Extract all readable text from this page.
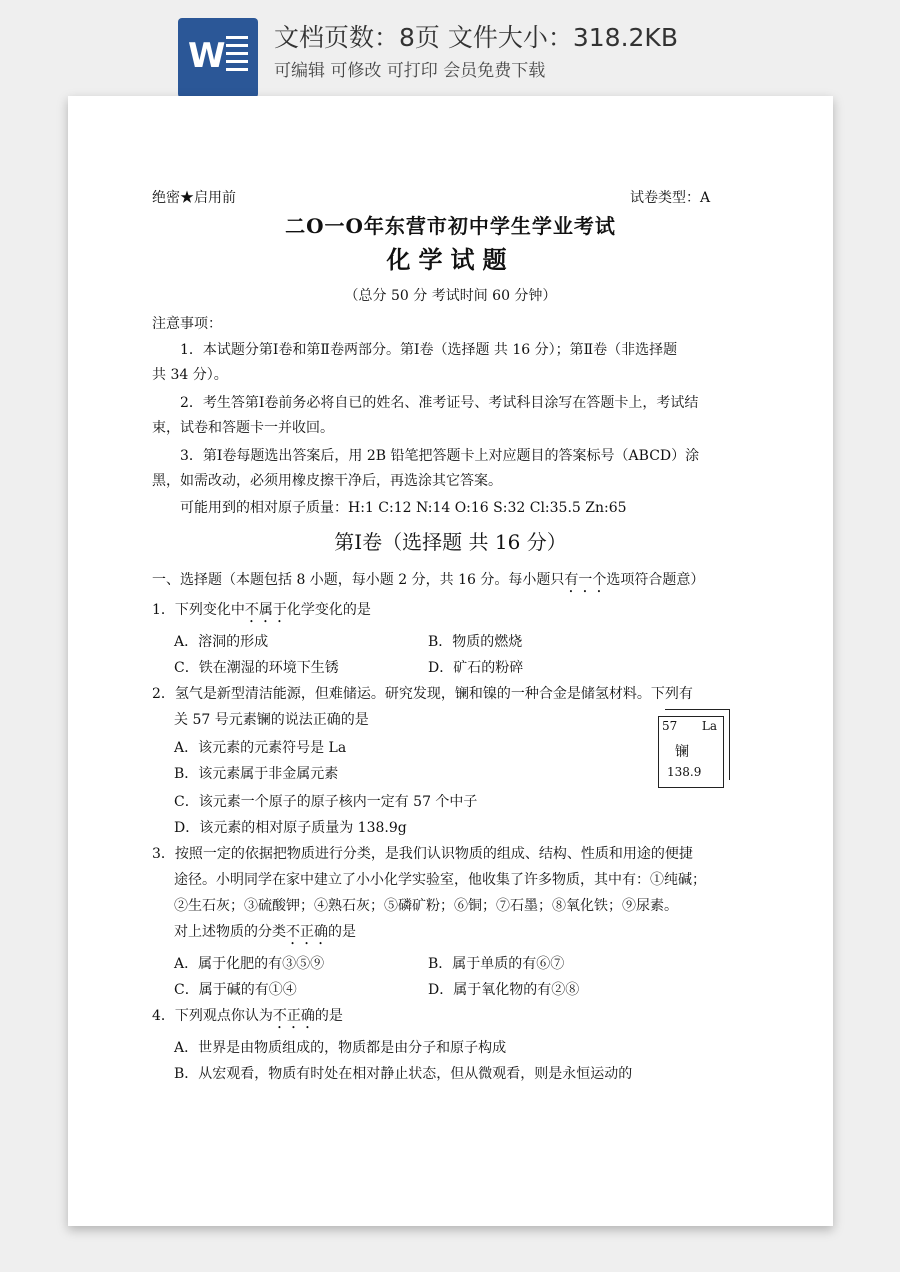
W 文档页数：8页 文件大小：318.2KB
可编辑 可修改 可打印 会员免费下载
绝密★启用前	试卷类型：A
二O一O年东营市初中学生学业考试
化学试题
（总分 50 分 考试时间 60 分钟）
注意事项：
1．本试题分第Ⅰ卷和第Ⅱ卷两部分。第Ⅰ卷（选择题 共 16 分）；第Ⅱ卷（非选择题
共 34 分）。
2．考生答第Ⅰ卷前务必将自已的姓名、准考证号、考试科目涂写在答题卡上，考试结
束，试卷和答题卡一并收回。
3．第Ⅰ卷每题选出答案后，用 2B 铅笔把答题卡上对应题目的答案标号（ABCD）涂
黑，如需改动，必须用橡皮擦干净后，再选涂其它答案。
可能用到的相对原子质量：H:1 C:12 N:14 O:16 S:32 Cl:35.5 Zn:65
第Ⅰ卷（选择题 共 16 分）
一、选择题（本题包括 8 小题，每小题 2 分，共 16 分。每小题只有一个选项符合题意）
1．下列变化中不属于化学变化的是
A．溶洞的形成	B．物质的燃烧
C．铁在潮湿的环境下生锈	D．矿石的粉碎
2．氢气是新型清洁能源，但难储运。研究发现，镧和镍的一种合金是储氢材料。下列有
关 57 号元素镧的说法正确的是
A．该元素的元素符号是 La
B．该元素属于非金属元素
C．该元素一个原子的原子核内一定有 57 个中子
D．该元素的相对原子质量为 138.9g
57 La
镧
138.9
3．按照一定的依据把物质进行分类，是我们认识物质的组成、结构、性质和用途的便捷
途径。小明同学在家中建立了小小化学实验室，他收集了许多物质，其中有：①纯碱；
②生石灰；③硫酸钾；④熟石灰；⑤磷矿粉；⑥铜；⑦石墨；⑧氧化铁；⑨尿素。
对上述物质的分类不正确的是
A．属于化肥的有③⑤⑨	B．属于单质的有⑥⑦
C．属于碱的有①④	D．属于氧化物的有②⑧
4．下列观点你认为不正确的是
A．世界是由物质组成的，物质都是由分子和原子构成
B．从宏观看，物质有时处在相对静止状态，但从微观看，则是永恒运动的
